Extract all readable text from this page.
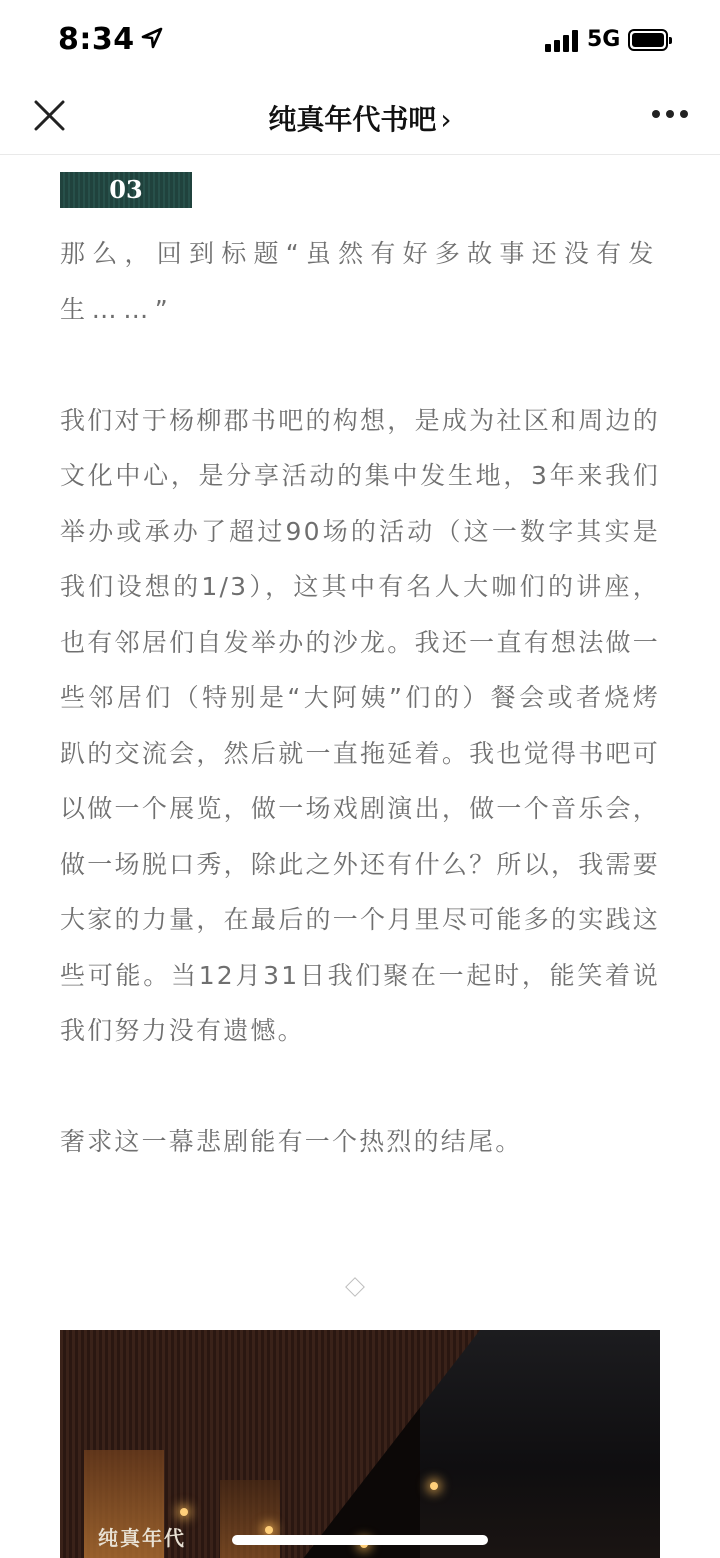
8:34	5G
纯真年代书吧 ›
03

那么，回到标题“虽然有好多故事还没有发生……”

我们对于杨柳郡书吧的构想，是成为社区和周边的文化中心，是分享活动的集中发生地，3年来我们举办或承办了超过90场的活动（这一数字其实是我们设想的1/3），这其中有名人大咖们的讲座，也有邻居们自发举办的沙龙。我还一直有想法做一些邻居们（特别是“大阿姨”们的）餐会或者烧烤趴的交流会，然后就一直拖延着。我也觉得书吧可以做一个展览，做一场戏剧演出，做一个音乐会，做一场脱口秀，除此之外还有什么？所以，我需要大家的力量，在最后的一个月里尽可能多的实践这些可能。当12月31日我们聚在一起时，能笑着说我们努力没有遗憾。

奢求这一幕悲剧能有一个热烈的结尾。

纯真年代
